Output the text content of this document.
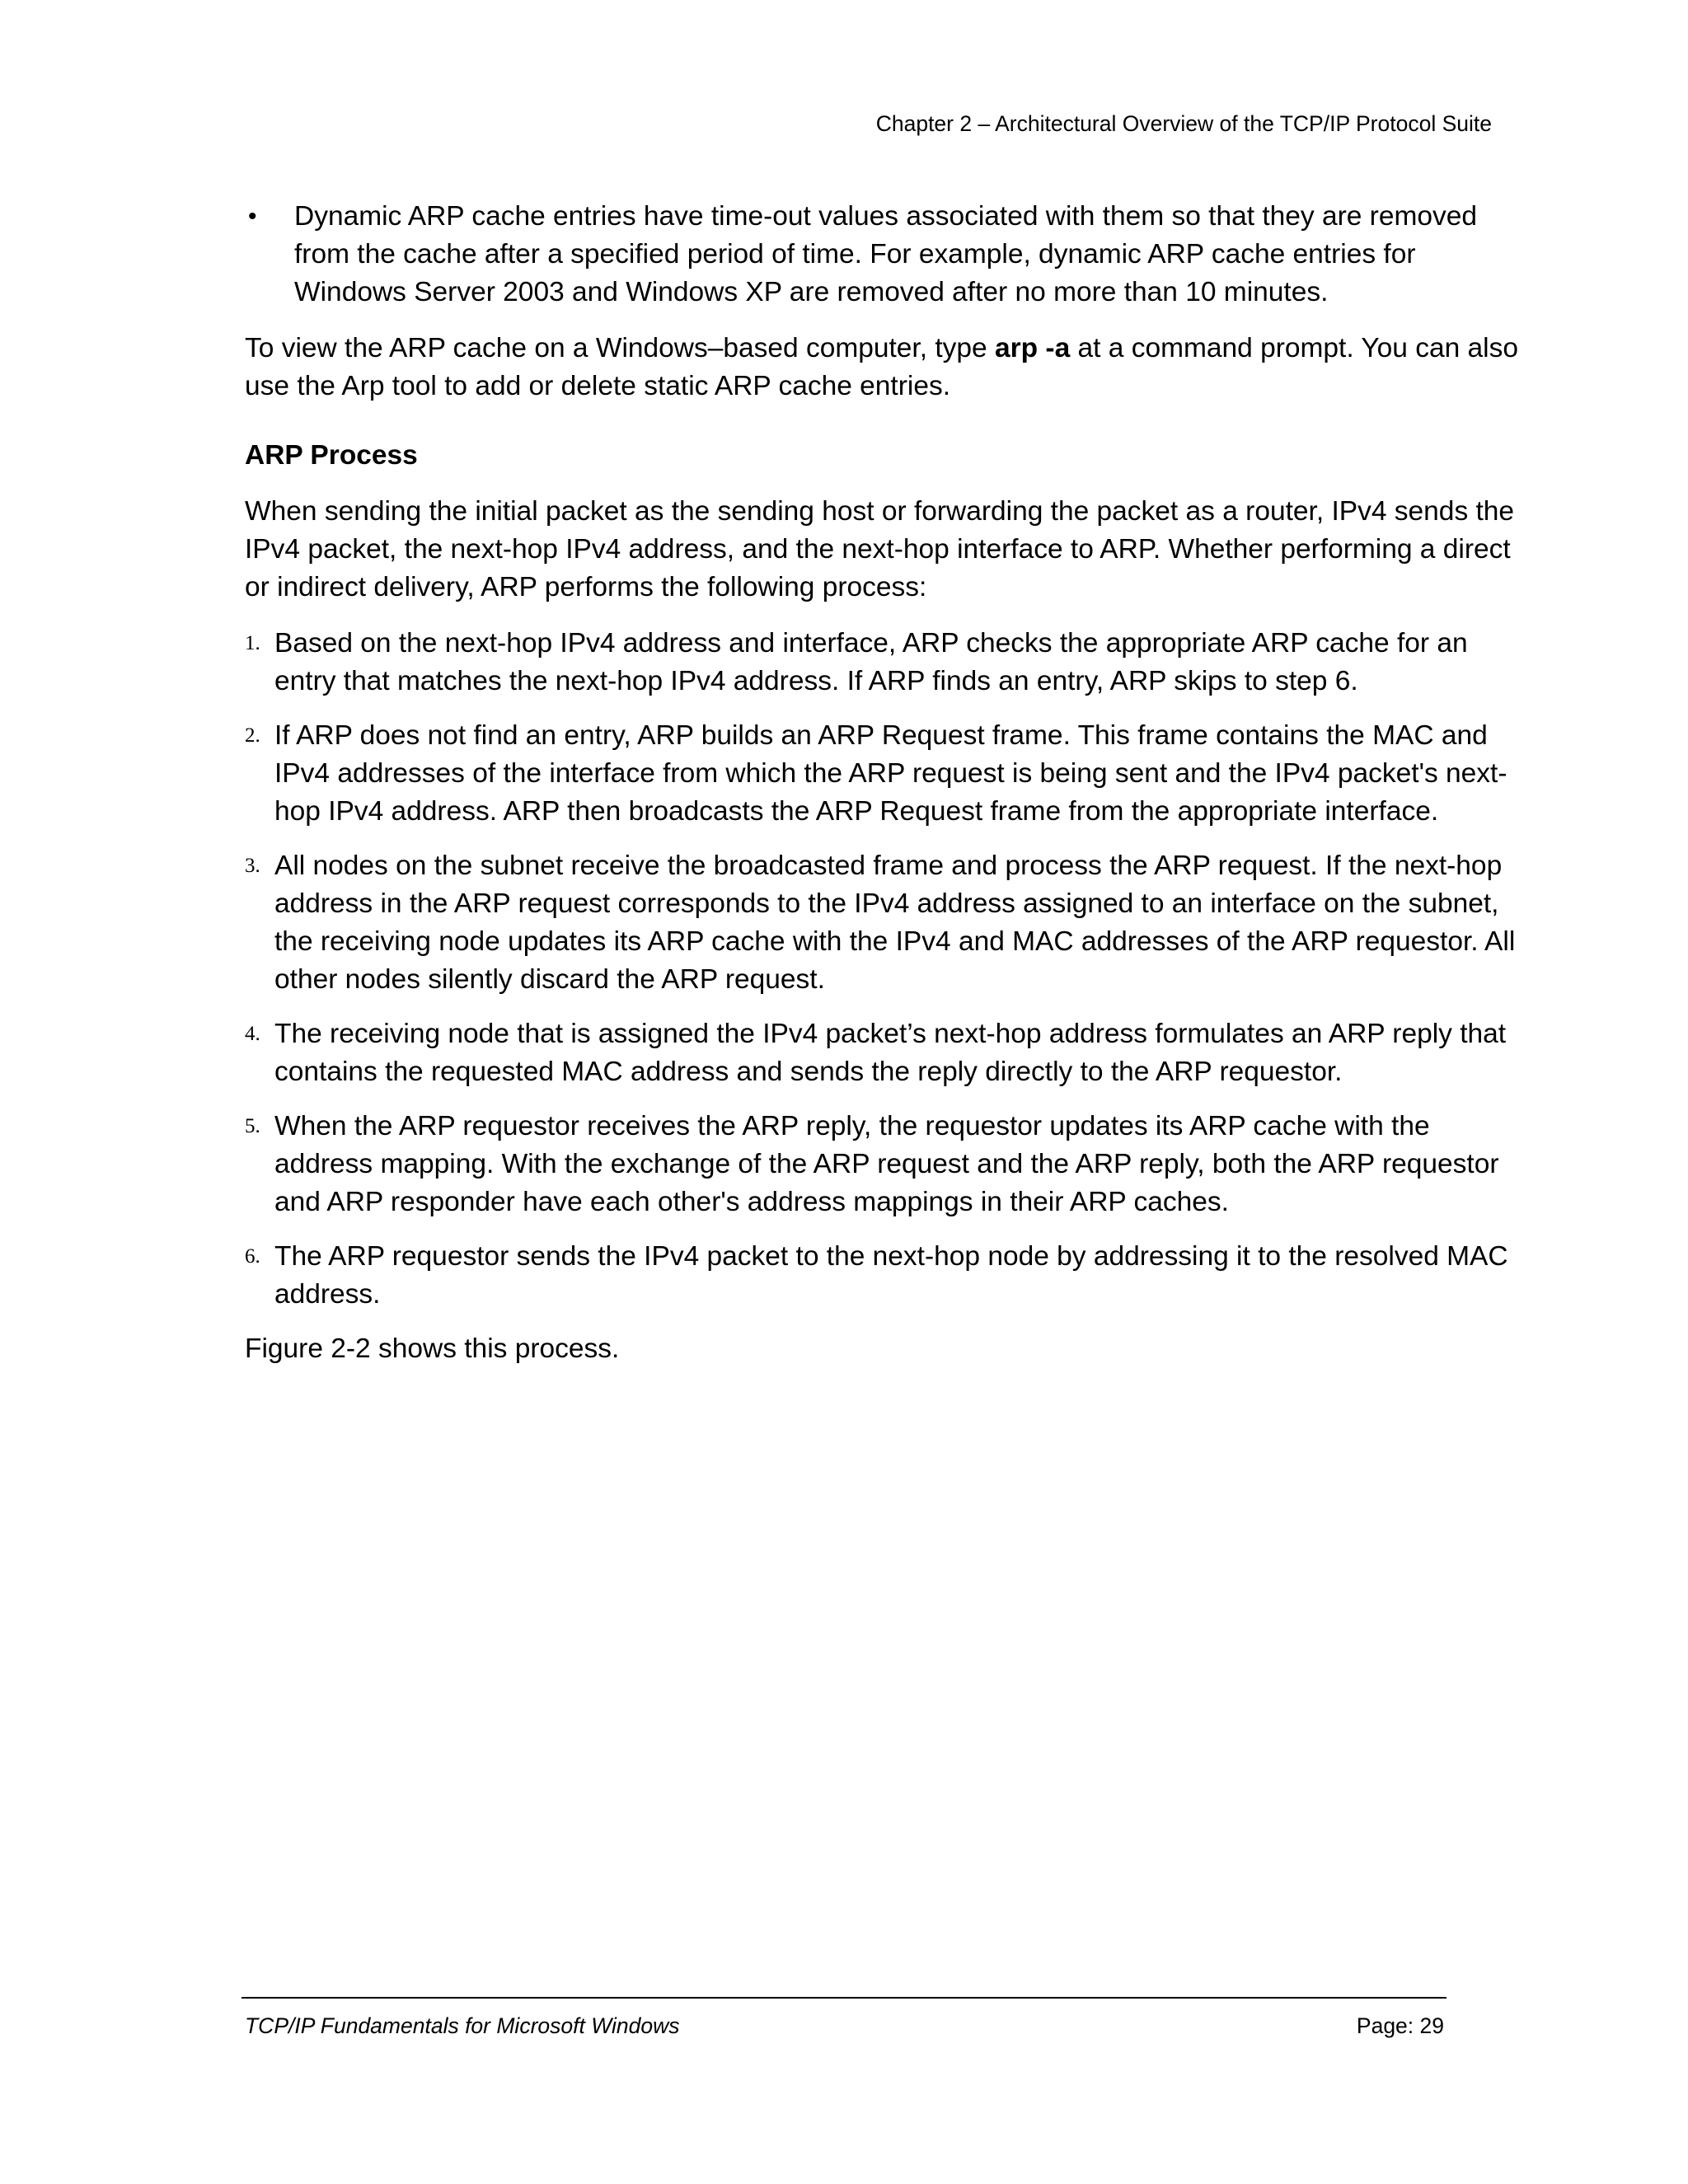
Chapter 2 – Architectural Overview of the TCP/IP Protocol Suite
• Dynamic ARP cache entries have time-out values associated with them so that they are removed from the cache after a specified period of time. For example, dynamic ARP cache entries for Windows Server 2003 and Windows XP are removed after no more than 10 minutes.

To view the ARP cache on a Windows–based computer, type arp -a at a command prompt. You can also use the Arp tool to add or delete static ARP cache entries.

ARP Process

When sending the initial packet as the sending host or forwarding the packet as a router, IPv4 sends the IPv4 packet, the next-hop IPv4 address, and the next-hop interface to ARP. Whether performing a direct or indirect delivery, ARP performs the following process:

1. Based on the next-hop IPv4 address and interface, ARP checks the appropriate ARP cache for an entry that matches the next-hop IPv4 address. If ARP finds an entry, ARP skips to step 6.
2. If ARP does not find an entry, ARP builds an ARP Request frame. This frame contains the MAC and IPv4 addresses of the interface from which the ARP request is being sent and the IPv4 packet's next-hop IPv4 address. ARP then broadcasts the ARP Request frame from the appropriate interface.
3. All nodes on the subnet receive the broadcasted frame and process the ARP request. If the next-hop address in the ARP request corresponds to the IPv4 address assigned to an interface on the subnet, the receiving node updates its ARP cache with the IPv4 and MAC addresses of the ARP requestor. All other nodes silently discard the ARP request.
4. The receiving node that is assigned the IPv4 packet’s next-hop address formulates an ARP reply that contains the requested MAC address and sends the reply directly to the ARP requestor.
5. When the ARP requestor receives the ARP reply, the requestor updates its ARP cache with the address mapping. With the exchange of the ARP request and the ARP reply, both the ARP requestor and ARP responder have each other's address mappings in their ARP caches.
6. The ARP requestor sends the IPv4 packet to the next-hop node by addressing it to the resolved MAC address.

Figure 2-2 shows this process.

TCP/IP Fundamentals for Microsoft Windows	Page: 29
